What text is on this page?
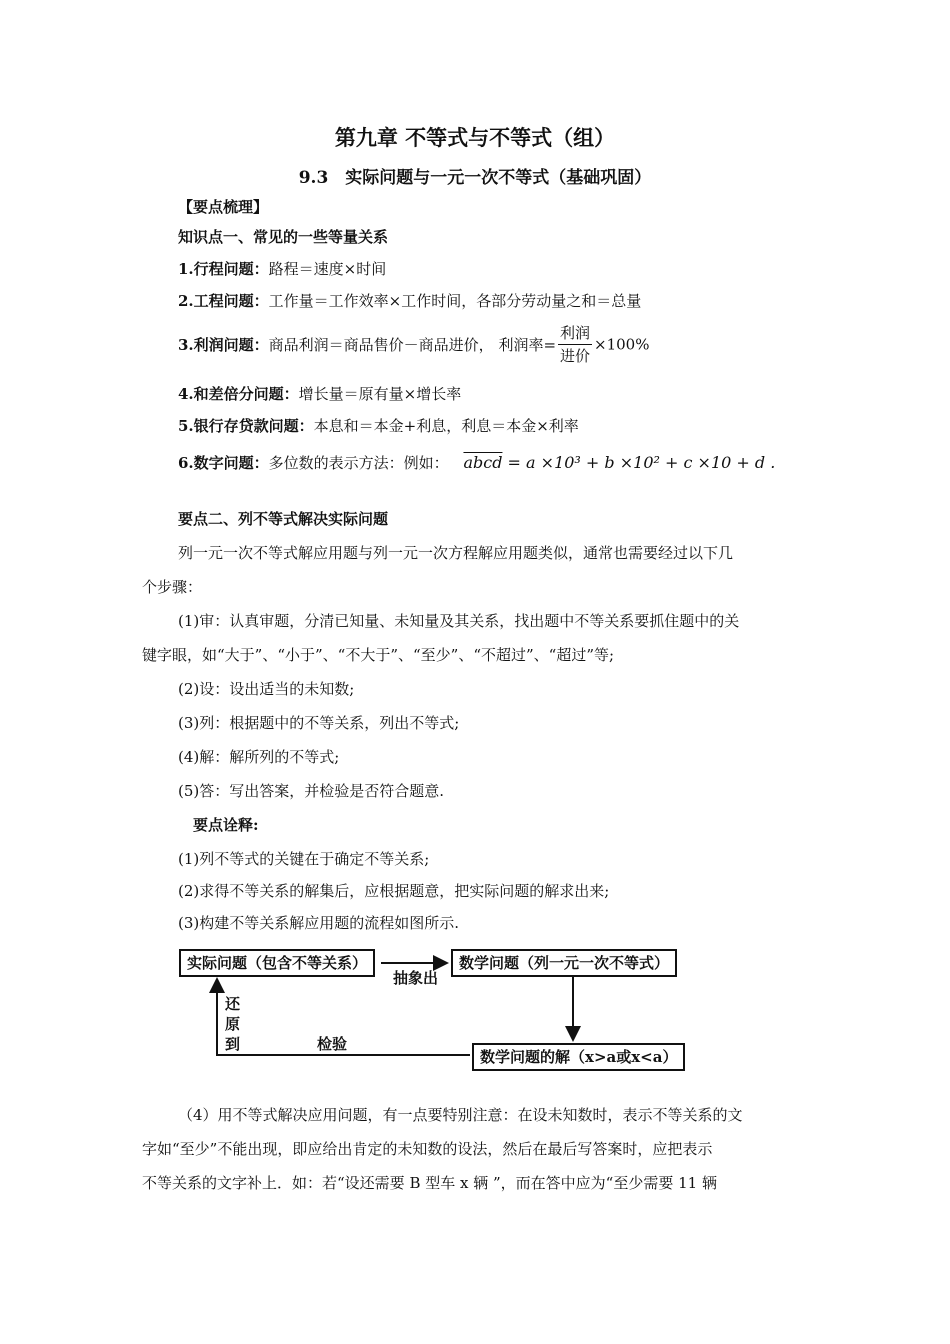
第九章 不等式与不等式（组）
9.3　实际问题与一元一次不等式（基础巩固）
【要点梳理】
知识点一、常见的一些等量关系
1.行程问题：路程＝速度×时间
2.工程问题：工作量＝工作效率×工作时间，各部分劳动量之和＝总量
3.利润问题：商品利润＝商品售价－商品进价， 利润率= $\frac{\text{利润}}{\text{进价}} \times 100\%$
4.和差倍分问题：增长量＝原有量×增长率
5.银行存贷款问题：本息和＝本金+利息，利息＝本金×利率
6.数字问题：多位数的表示方法：例如： abcd = a ×10³ + b ×10² + c ×10 + d .
要点二、列不等式解决实际问题
列一元一次不等式解应用题与列一元一次方程解应用题类似，通常也需要经过以下几
个步骤：
(1)审：认真审题，分清已知量、未知量及其关系，找出题中不等关系要抓住题中的关
键字眼，如“大于”、“小于”、“不大于”、“至少”、“不超过”、“超过”等;
(2)设：设出适当的未知数;
(3)列：根据题中的不等关系，列出不等式;
(4)解：解所列的不等式;
(5)答：写出答案，并检验是否符合题意.
要点诠释:
(1)列不等式的关键在于确定不等关系;
(2)求得不等关系的解集后，应根据题意，把实际问题的解求出来;
(3)构建不等关系解应用题的流程如图所示.
实际问题（包含不等关系）	数学问题（列一元一次不等式）
数学问题的解（x>a或x<a）
抽象出
还
原
到	检验
（4）用不等式解决应用问题，有一点要特别注意：在设未知数时，表示不等关系的文
字如“至少”不能出现，即应给出肯定的未知数的设法，然后在最后写答案时，应把表示
不等关系的文字补上．如：若“设还需要 B 型车 x 辆 ”，而在答中应为“至少需要 11 辆
